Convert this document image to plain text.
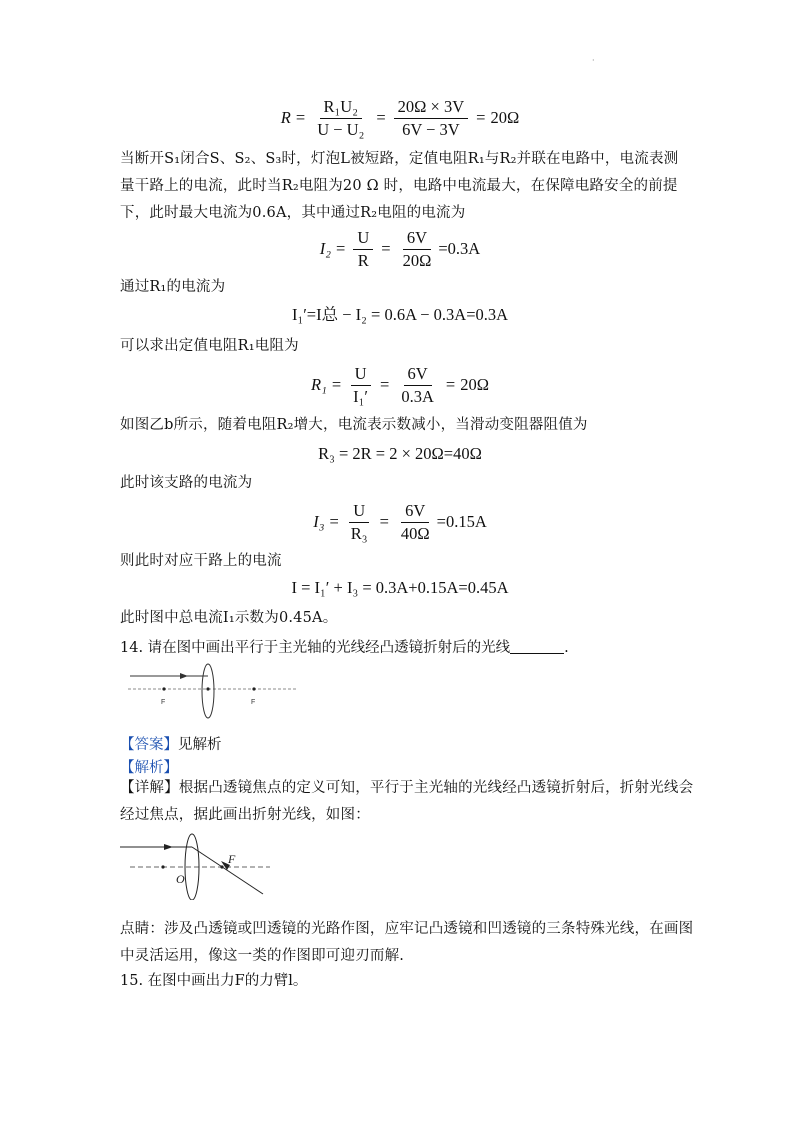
·
$R = \frac{\text{R₁U₂}}{\text{U − U₂}} = \frac{20\Omega \times 3V}{6V - 3V} = 20\Omega$
当断开S₁闭合S、S₂、S₃时，灯泡L被短路，定值电阻R₁与R₂并联在电路中，电流表测量干路上的电流，此时当R₂电阻为20 Ω 时，电路中电流最大，在保障电路安全的前提下，此时最大电流为0.6A，其中通过R₂电阻的电流为
$I_2 = \frac{U}{R} = \frac{6V}{20\Omega} = 0.3A$
通过R₁的电流为
I₁′=I总 − I₂ = 0.6A − 0.3A=0.3A
可以求出定值电阻R₁电阻为
$R_1 = \frac{U}{\text{I₁′}} = \frac{6V}{0.3A} = 20\Omega$
如图乙b所示，随着电阻R₂增大，电流表示数减小，当滑动变阻器阻值为
R₃ = 2R = 2 × 20Ω=40Ω
此时该支路的电流为
$I_3 = \frac{U}{\text{R₃}} = \frac{6V}{40\Omega} = 0.15A$
则此时对应干路上的电流
I = I₁′ + I₃ = 0.3A+0.15A=0.45A
此时图中总电流I₁示数为0.45A。
14. 请在图中画出平行于主光轴的光线经凸透镜折射后的光线	.
F	F
【答案】见解析
【解析】
【详解】根据凸透镜焦点的定义可知，平行于主光轴的光线经凸透镜折射后，折射光线会经过焦点，据此画出折射光线，如图：
O
F
点睛：涉及凸透镜或凹透镜的光路作图，应牢记凸透镜和凹透镜的三条特殊光线，在画图中灵活运用，像这一类的作图即可迎刃而解.
15. 在图中画出力F的力臂l。
